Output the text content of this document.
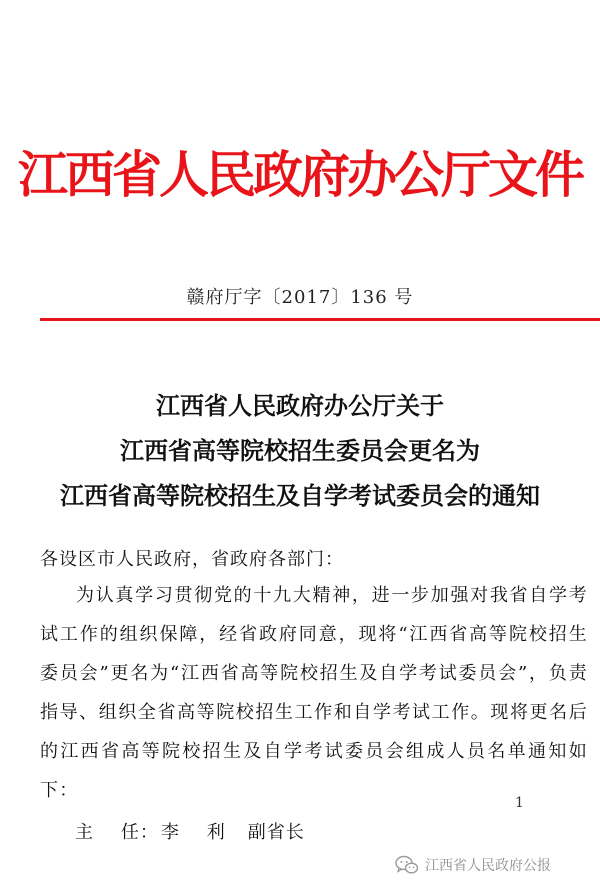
江西省人民政府办公厅文件
赣府厅字〔2017〕136 号
江西省人民政府办公厅关于
江西省高等院校招生委员会更名为
江西省高等院校招生及自学考试委员会的通知
各设区市人民政府，省政府各部门：

为认真学习贯彻党的十九大精神，进一步加强对我省自学考试工作的组织保障，经省政府同意，现将“江西省高等院校招生委员会”更名为“江西省高等院校招生及自学考试委员会”，负责指导、组织全省高等院校招生工作和自学考试工作。现将更名后的江西省高等院校招生及自学考试委员会组成人员名单通知如下：

1
主    任： 李    利 副省长
江西省人民政府公报
